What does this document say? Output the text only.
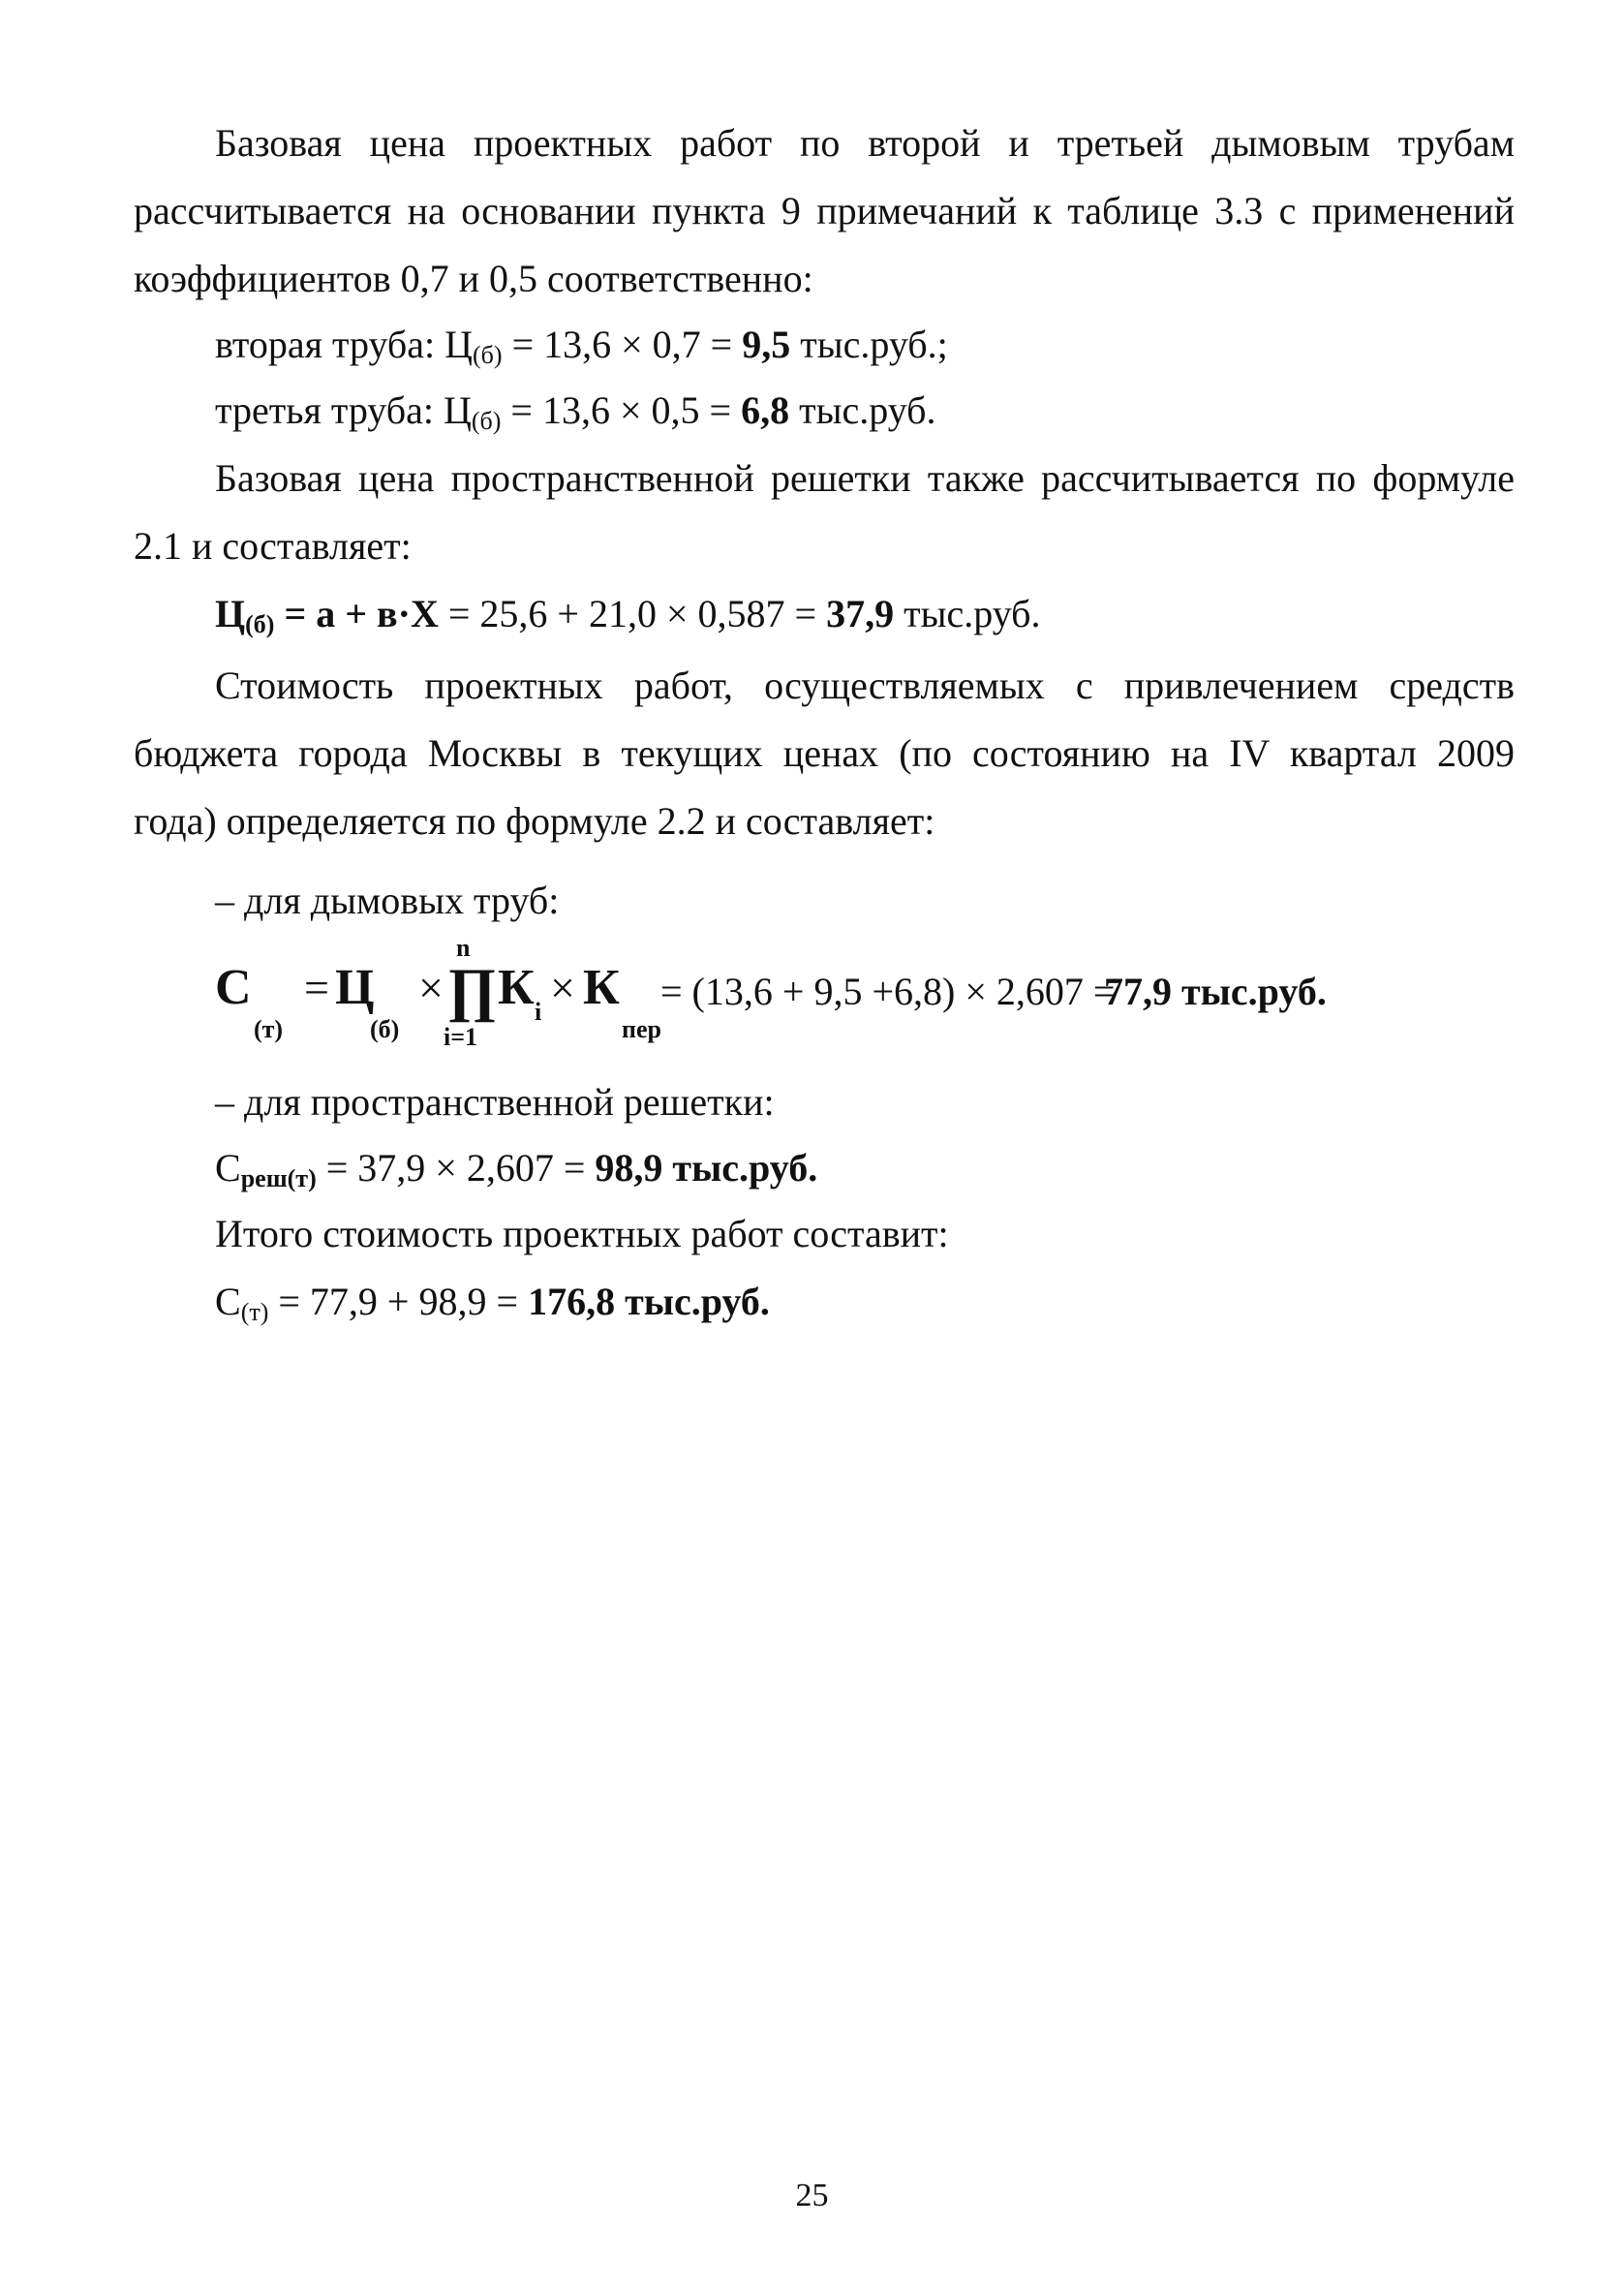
Базовая цена проектных работ по второй и третьей дымовым трубам
рассчитывается на основании пункта 9 примечаний к таблице 3.3 с применений
коэффициентов 0,7 и 0,5 соответственно:
вторая труба: $Ц_{(б)} = 13,6 \times 0,7 = 9,5$ тыс.руб.;
третья труба: $Ц_{(б)} = 13,6 \times 0,5 = 6,8$ тыс.руб.
Базовая цена пространственной решетки также рассчитывается по формуле
2.1 и составляет:
$Ц_{(б)} = а + в\cdot Х = 25,6 + 21,0 \times 0,587 = 37,9$ тыс.руб.
Стоимость проектных работ, осуществляемых с привлечением средств
бюджета города Москвы в текущих ценах (по состоянию на IV квартал 2009
года) определяется по формуле 2.2 и составляет:
– для дымовых труб:
С
(т)
= Ц
(б)
×
n
∏
i=1
К i × К
пер
= (13,6 + 9,5 +6,8) × 2,607 =
77,9 тыс.руб.
– для пространственной решетки:
$С_{реш(т)} = 37,9 \times 2,607 = 98,9$ тыс.руб.
Итого стоимость проектных работ составит:
$С_{(т)} = 77,9 + 98,9 = 176,8$ тыс.руб.
25
